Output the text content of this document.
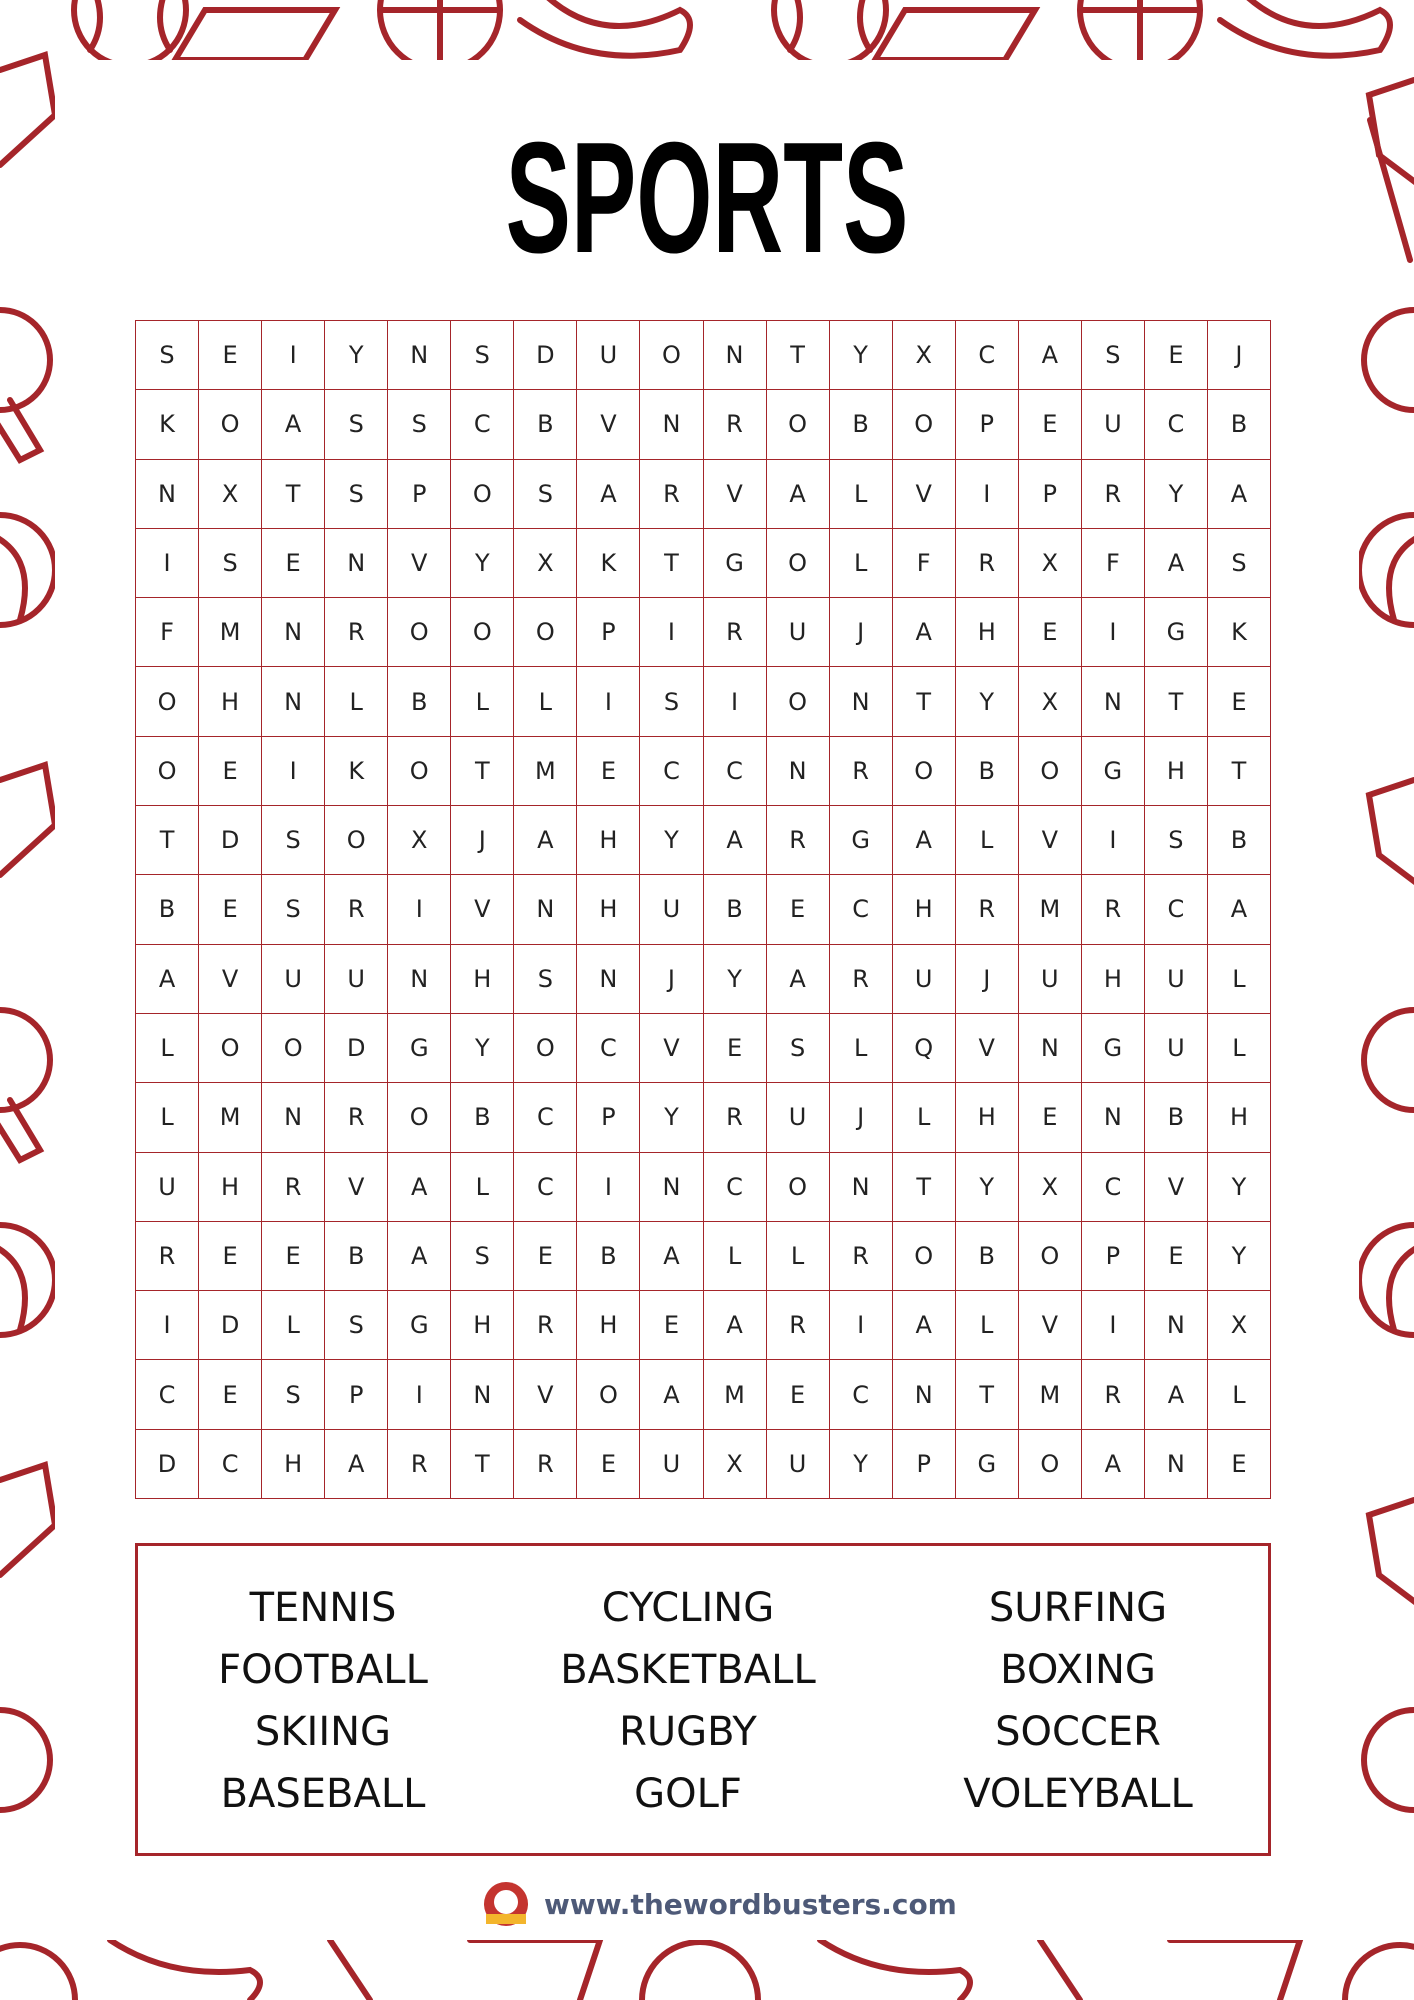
SPORTS
S	E	I	Y	N	S	D	U	O	N	T	Y	X	C	A	S	E	J
K	O	A	S	S	C	B	V	N	R	O	B	O	P	E	U	C	B
N	X	T	S	P	O	S	A	R	V	A	L	V	I	P	R	Y	A
I	S	E	N	V	Y	X	K	T	G	O	L	F	R	X	F	A	S
F	M	N	R	O	O	O	P	I	R	U	J	A	H	E	I	G	K
O	H	N	L	B	L	L	I	S	I	O	N	T	Y	X	N	T	E
O	E	I	K	O	T	M	E	C	C	N	R	O	B	O	G	H	T
T	D	S	O	X	J	A	H	Y	A	R	G	A	L	V	I	S	B
B	E	S	R	I	V	N	H	U	B	E	C	H	R	M	R	C	A
A	V	U	U	N	H	S	N	J	Y	A	R	U	J	U	H	U	L
L	O	O	D	G	Y	O	C	V	E	S	L	Q	V	N	G	U	L
L	M	N	R	O	B	C	P	Y	R	U	J	L	H	E	N	B	H
U	H	R	V	A	L	C	I	N	C	O	N	T	Y	X	C	V	Y
R	E	E	B	A	S	E	B	A	L	L	R	O	B	O	P	E	Y
I	D	L	S	G	H	R	H	E	A	R	I	A	L	V	I	N	X
C	E	S	P	I	N	V	O	A	M	E	C	N	T	M	R	A	L
D	C	H	A	R	T	R	E	U	X	U	Y	P	G	O	A	N	E
TENNIS
FOOTBALL
SKIING
BASEBALL
CYCLING
BASKETBALL
RUGBY
GOLF
SURFING
BOXING
SOCCER
VOLEYBALL
www.thewordbusters.com
